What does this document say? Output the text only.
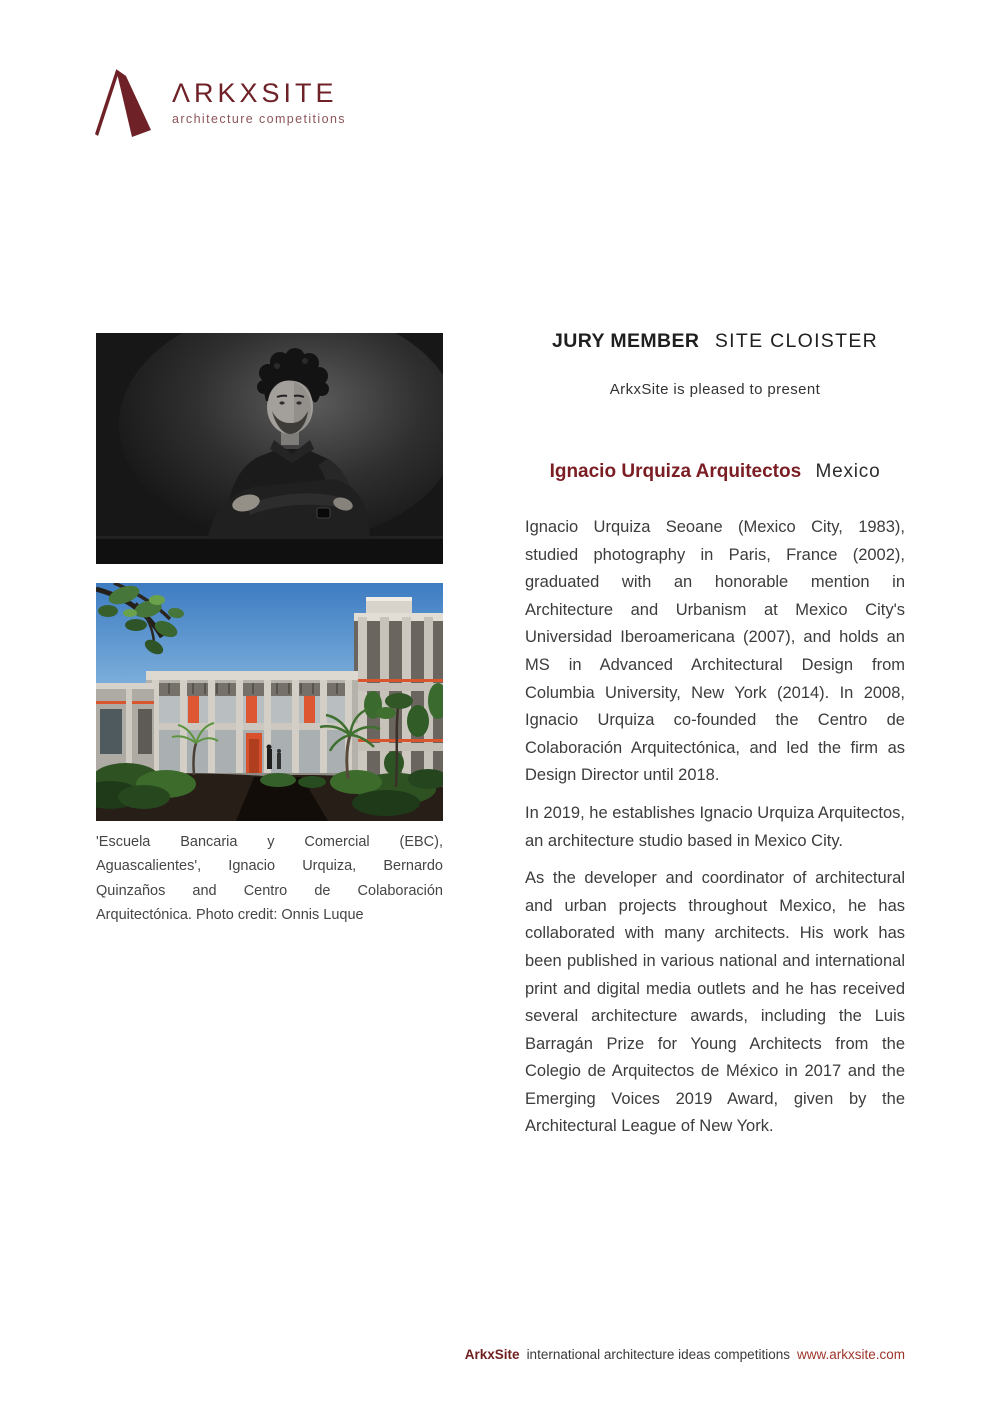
ΛRKXSITE
architecture competitions

'Escuela Bancaria y Comercial (EBC), Aguascalientes', Ignacio Urquiza, Bernardo Quinzaños and Centro de Colaboración Arquitectónica. Photo credit: Onnis Luque

JURY MEMBER SITE CLOISTER
ArkxSite is pleased to present
Ignacio Urquiza Arquitectos Mexico

Ignacio Urquiza Seoane (Mexico City, 1983), studied photography in Paris, France (2002), graduated with an honorable mention in Architecture and Urbanism at Mexico City's Universidad Iberoamericana (2007), and holds an MS in Advanced Architectural Design from Columbia University, New York (2014). In 2008, Ignacio Urquiza co-founded the Centro de Colaboración Arquitectónica, and led the firm as Design Director until 2018.

In 2019, he establishes Ignacio Urquiza Arquitectos, an architecture studio based in Mexico City.

As the developer and coordinator of architectural and urban projects throughout Mexico, he has collaborated with many architects. His work has been published in various national and international print and digital media outlets and he has received several architecture awards, including the Luis Barragán Prize for Young Architects from the Colegio de Arquitectos de México in 2017 and the Emerging Voices 2019 Award, given by the Architectural League of New York.

ArkxSite international architecture ideas competitions www.arkxsite.com
